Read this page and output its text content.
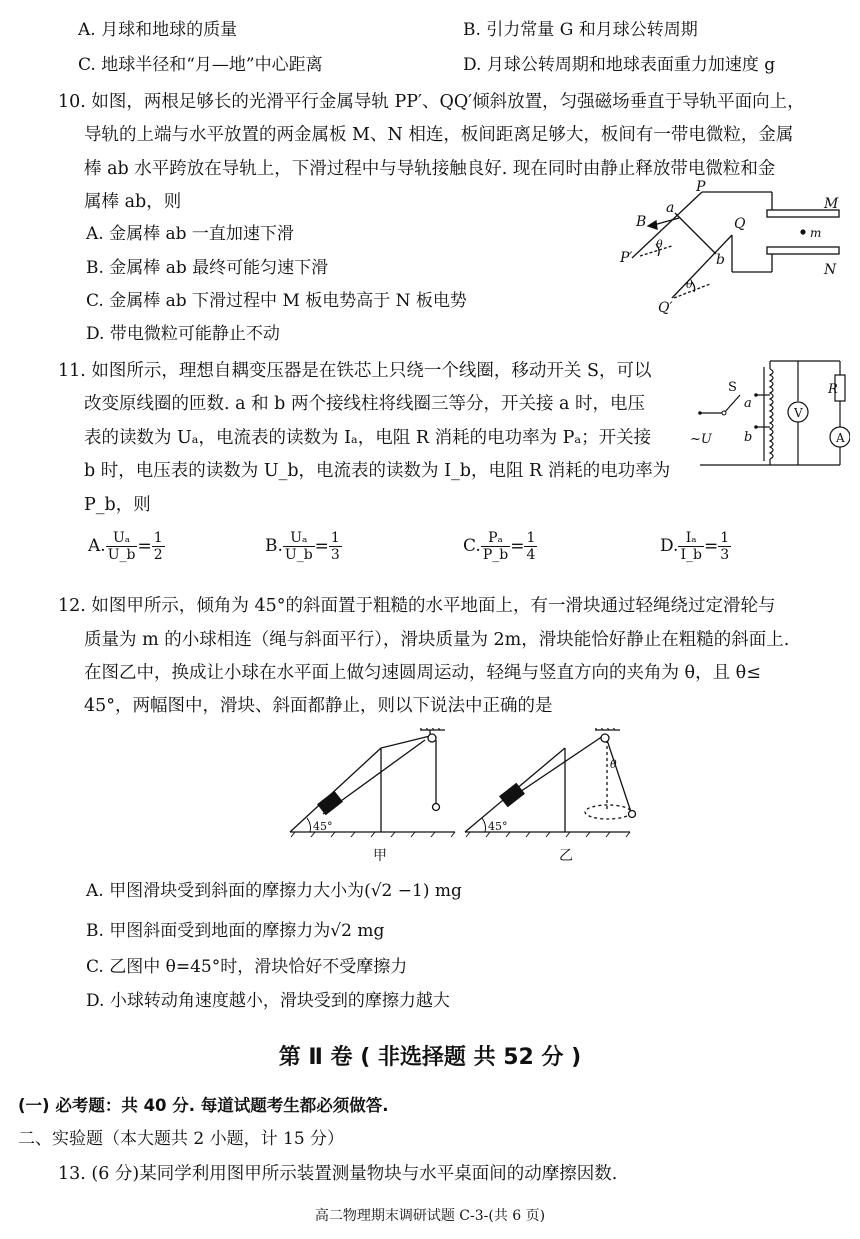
A. 月球和地球的质量	B. 引力常量 G 和月球公转周期
C. 地球半径和“月—地”中心距离	D. 月球公转周期和地球表面重力加速度 g
10. 如图，两根足够长的光滑平行金属导轨 PP′、QQ′倾斜放置，匀强磁场垂直于导轨平面向上，
导轨的上端与水平放置的两金属板 M、N 相连，板间距离足够大，板间有一带电微粒，金属
棒 ab 水平跨放在导轨上，下滑过程中与导轨接触良好. 现在同时由静止释放带电微粒和金
属棒 ab，则
A. 金属棒 ab 一直加速下滑
B. 金属棒 ab 最终可能匀速下滑
C. 金属棒 ab 下滑过程中 M 板电势高于 N 板电势
D. 带电微粒可能静止不动
P
Q
P′
Q′
a
b
B
M
N
m
θ
θ
11. 如图所示，理想自耦变压器是在铁芯上只绕一个线圈，移动开关 S，可以
改变原线圈的匝数. a 和 b 两个接线柱将线圈三等分，开关接 a 时，电压
表的读数为 Uₐ，电流表的读数为 Iₐ，电阻 R 消耗的电功率为 Pₐ；开关接
b 时，电压表的读数为 U_b，电流表的读数为 I_b，电阻 R 消耗的电功率为
P_b，则
A. $\frac{\text{Uₐ}}{U\_b} = \frac{1}{2}$	B. $\frac{\text{Uₐ}}{U\_b} = \frac{1}{3}$	C. $\frac{\text{Pₐ}}{P\_b} = \frac{1}{4}$	D. $\frac{\text{Iₐ}}{I\_b} = \frac{1}{3}$
V
A
R
S
a
b
~U
12. 如图甲所示，倾角为 45°的斜面置于粗糙的水平地面上，有一滑块通过轻绳绕过定滑轮与
质量为 m 的小球相连（绳与斜面平行），滑块质量为 2m，滑块能恰好静止在粗糙的斜面上.
在图乙中，换成让小球在水平面上做匀速圆周运动，轻绳与竖直方向的夹角为 θ，且 θ≤
45°，两幅图中，滑块、斜面都静止，则以下说法中正确的是
45°	45°
θ
甲	乙
A. 甲图滑块受到斜面的摩擦力大小为(√2 −1) mg
B. 甲图斜面受到地面的摩擦力为√2 mg
C. 乙图中 θ=45°时，滑块恰好不受摩擦力
D. 小球转动角速度越小，滑块受到的摩擦力越大
第 Ⅱ 卷 ( 非选择题 共 52 分 )
(一) 必考题：共 40 分. 每道试题考生都必须做答.
二、实验题（本大题共 2 小题，计 15 分）
13. (6 分)某同学利用图甲所示装置测量物块与水平桌面间的动摩擦因数.
高二物理期末调研试题 C-3-(共 6 页)
